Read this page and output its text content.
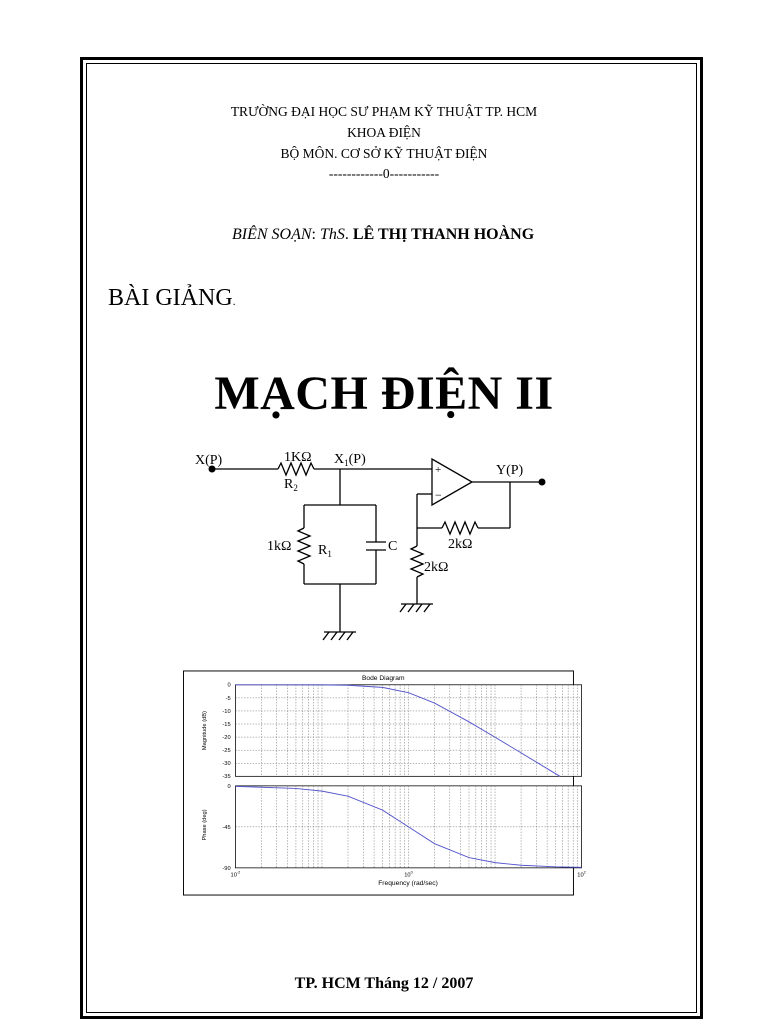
TRƯỜNG ĐẠI HỌC SƯ PHẠM KỸ THUẬT TP. HCM
KHOA ĐIỆN
BỘ MÔN. CƠ SỞ KỸ THUẬT ĐIỆN
------------0-----------
BIÊN SOẠN: ThS. LÊ THỊ THANH HOÀNG
BÀI GIẢNG.
MẠCH ĐIỆN II
X(P)	1KΩ
$R_2$
$X_1(P)$
Y(P)
1kΩ $R_1$	C	2kΩ
2kΩ
+
−
Bode Diagram
0
-5
-10
-15
-20
-25
-30
-35
0
-45
-90
$10^{-2}$	$10^0$	$10^2$
Magnitude (dB)
Phase (deg)
Frequency (rad/sec)
TP. HCM Tháng 12 / 2007
